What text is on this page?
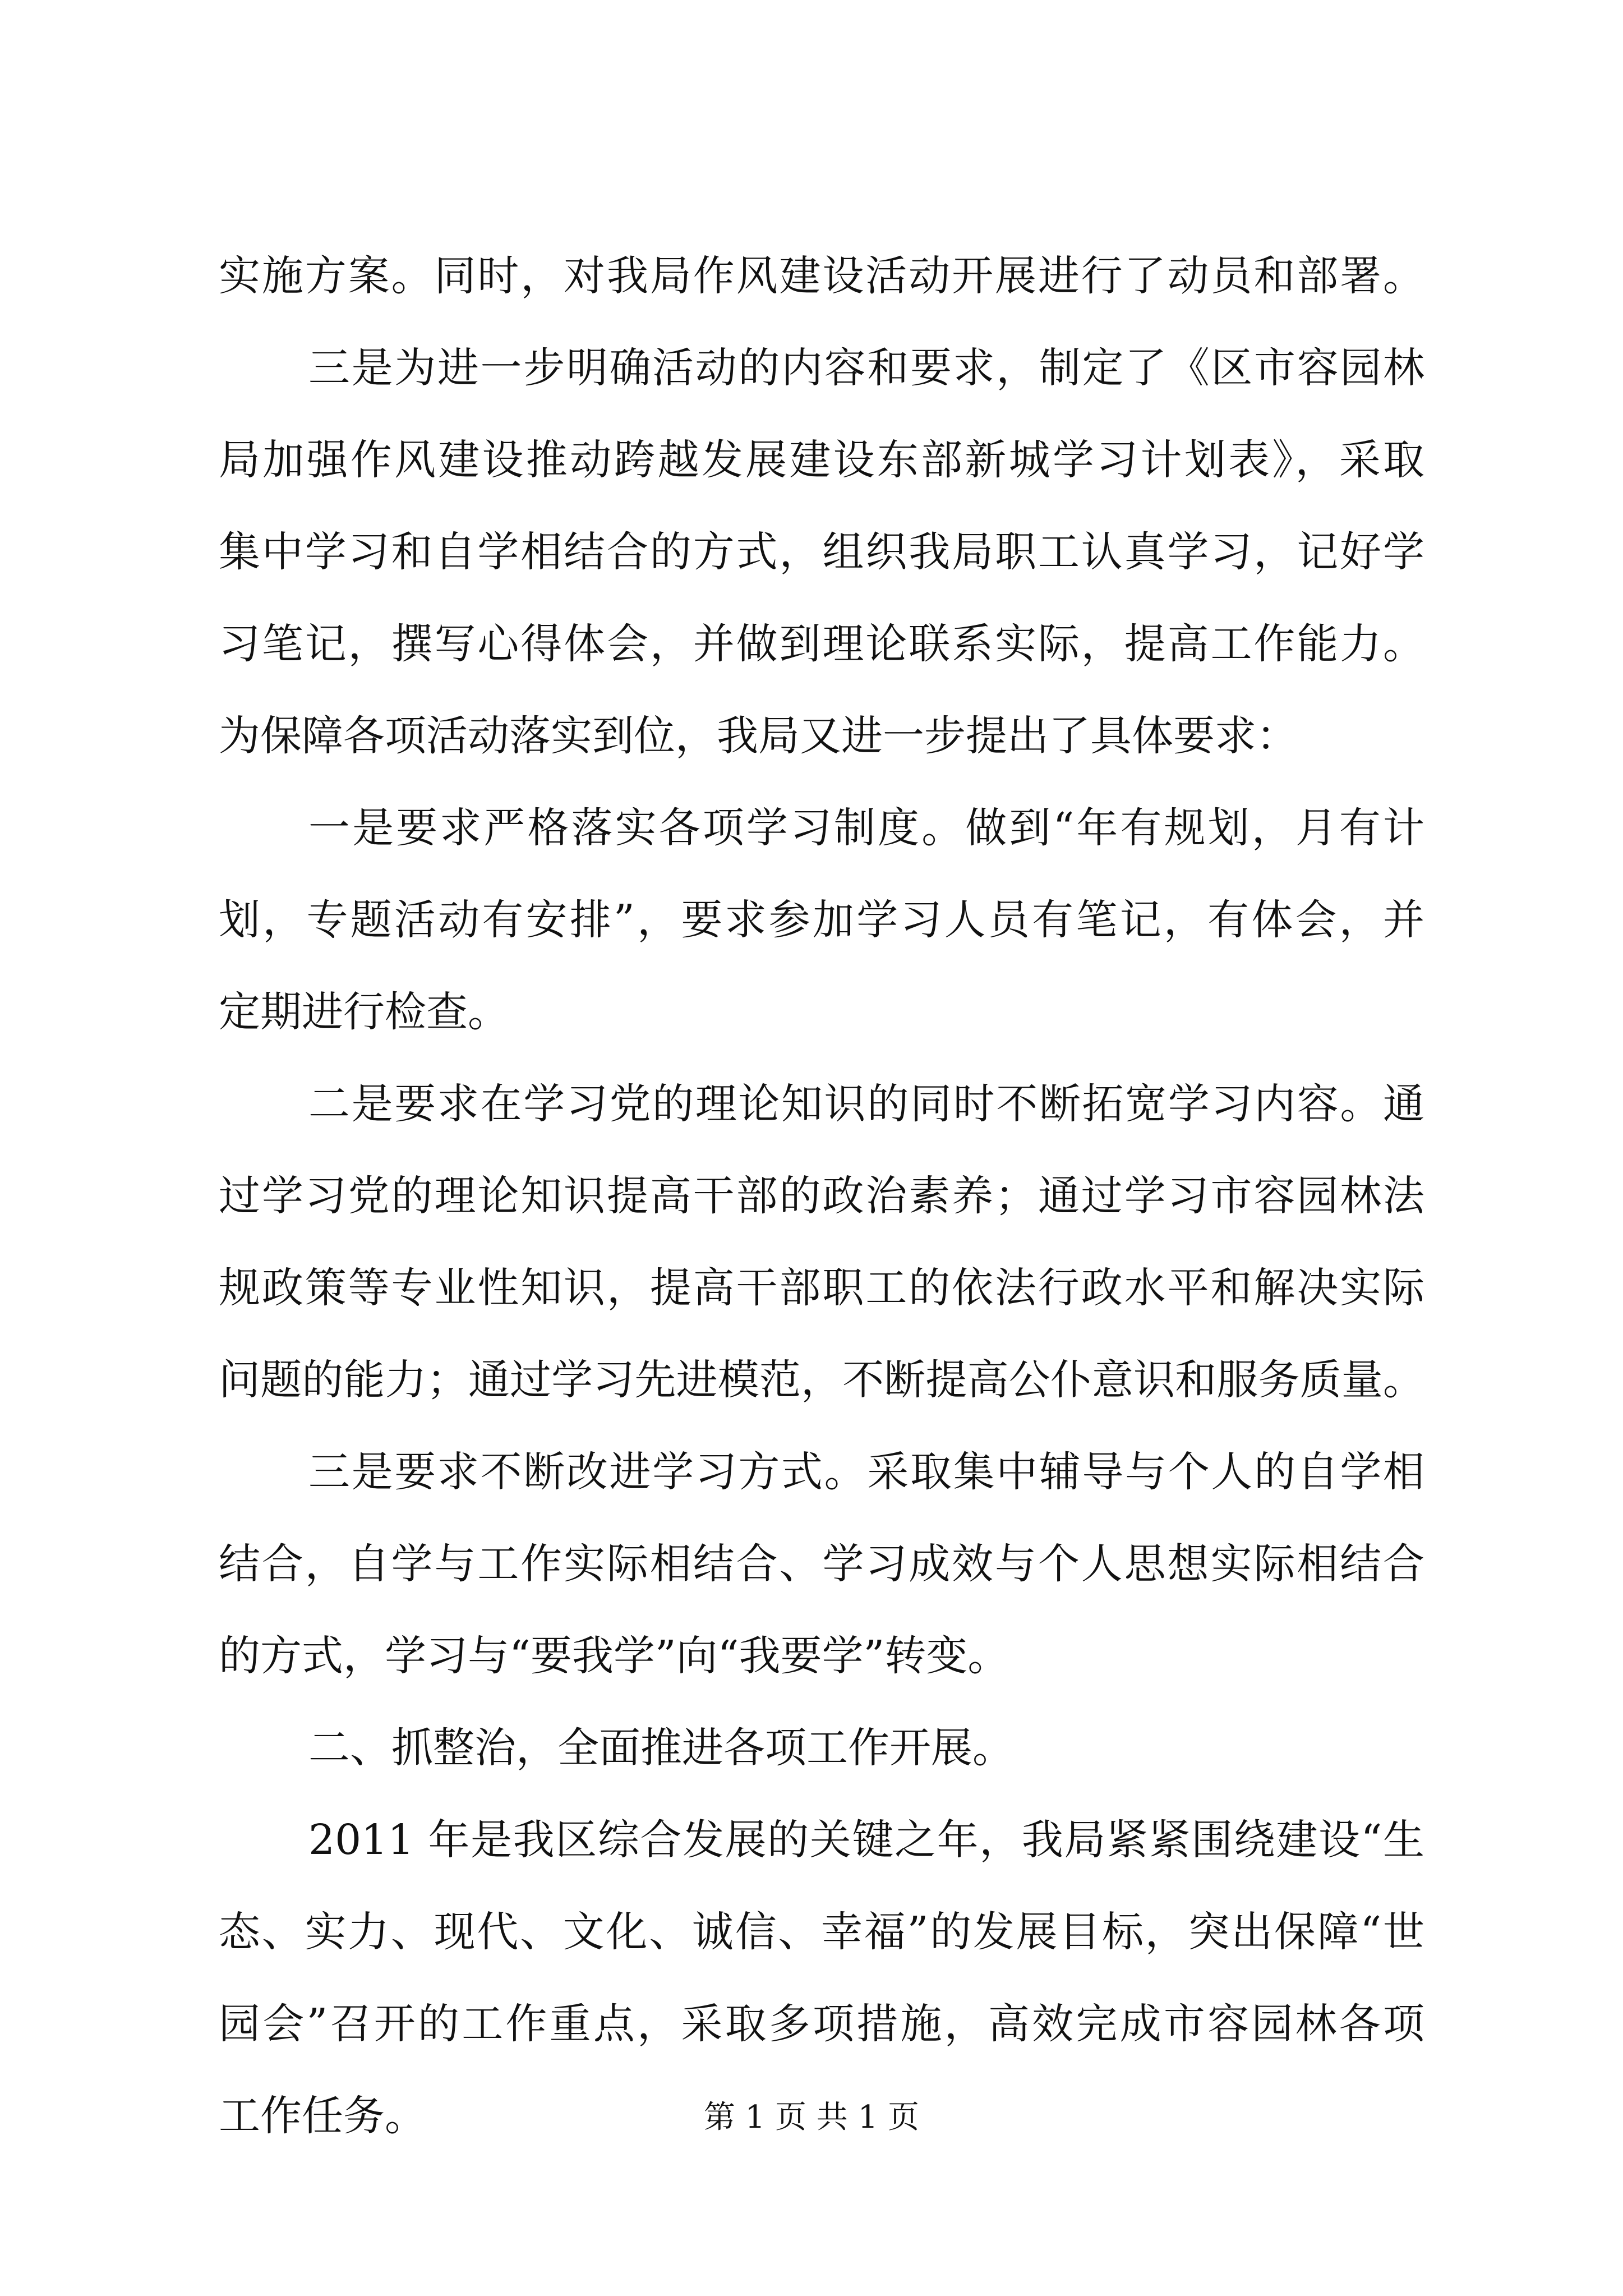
实施方案。同时，对我局作风建设活动开展进行了动员和部署。
三是为进一步明确活动的内容和要求，制定了《区市容园林
局加强作风建设推动跨越发展建设东部新城学习计划表》，采取
集中学习和自学相结合的方式，组织我局职工认真学习，记好学
习笔记，撰写心得体会，并做到理论联系实际，提高工作能力。
为保障各项活动落实到位，我局又进一步提出了具体要求：
一是要求严格落实各项学习制度。做到“年有规划，月有计
划，专题活动有安排”，要求参加学习人员有笔记，有体会，并
定期进行检查。
二是要求在学习党的理论知识的同时不断拓宽学习内容。通
过学习党的理论知识提高干部的政治素养；通过学习市容园林法
规政策等专业性知识，提高干部职工的依法行政水平和解决实际
问题的能力；通过学习先进模范，不断提高公仆意识和服务质量。
三是要求不断改进学习方式。采取集中辅导与个人的自学相
结合，自学与工作实际相结合、学习成效与个人思想实际相结合
的方式，学习与“要我学”向“我要学”转变。
二、抓整治，全面推进各项工作开展。
2011 年是我区综合发展的关键之年，我局紧紧围绕建设“生
态、实力、现代、文化、诚信、幸福”的发展目标，突出保障“世
园会”召开的工作重点，采取多项措施，高效完成市容园林各项
工作任务。	第 1 页 共 1 页
